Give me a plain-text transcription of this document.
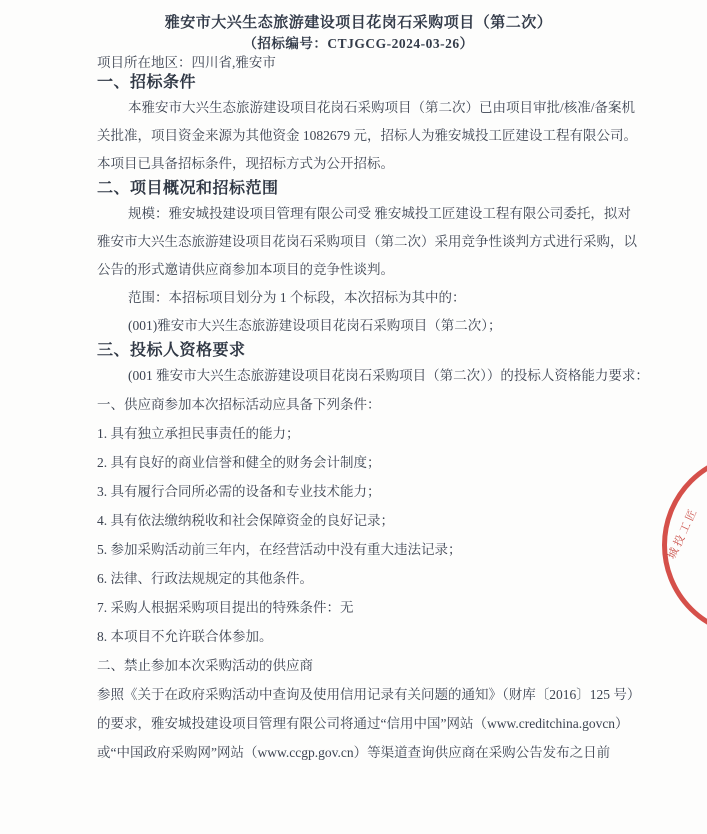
雅安市大兴生态旅游建设项目花岗石采购项目（第二次）

（招标编号：CTJGCG-2024-03-26）

项目所在地区：四川省,雅安市

一、招标条件

本雅安市大兴生态旅游建设项目花岗石采购项目（第二次）已由项目审批/核准/备案机

关批准，项目资金来源为其他资金 1082679 元，招标人为雅安城投工匠建设工程有限公司。

本项目已具备招标条件，现招标方式为公开招标。

二、项目概况和招标范围

规模：雅安城投建设项目管理有限公司受 雅安城投工匠建设工程有限公司委托，拟对

雅安市大兴生态旅游建设项目花岗石采购项目（第二次）采用竞争性谈判方式进行采购，以

公告的形式邀请供应商参加本项目的竞争性谈判。

范围：本招标项目划分为 1 个标段，本次招标为其中的：

(001)雅安市大兴生态旅游建设项目花岗石采购项目（第二次）；

三、投标人资格要求

(001 雅安市大兴生态旅游建设项目花岗石采购项目（第二次））的投标人资格能力要求：

一、供应商参加本次招标活动应具备下列条件：

1. 具有独立承担民事责任的能力；

2. 具有良好的商业信誉和健全的财务会计制度；

3. 具有履行合同所必需的设备和专业技术能力；

4. 具有依法缴纳税收和社会保障资金的良好记录；

5. 参加采购活动前三年内，在经营活动中没有重大违法记录；

6. 法律、行政法规规定的其他条件。

7. 采购人根据采购项目提出的特殊条件：无

8. 本项目不允许联合体参加。

二、禁止参加本次采购活动的供应商

参照《关于在政府采购活动中查询及使用信用记录有关问题的通知》（财库〔2016〕125 号）

的要求，雅安城投建设项目管理有限公司将通过“信用中国”网站（www.creditchina.govcn）

或“中国政府采购网”网站（www.ccgp.gov.cn）等渠道查询供应商在采购公告发布之日前

城投工匠
